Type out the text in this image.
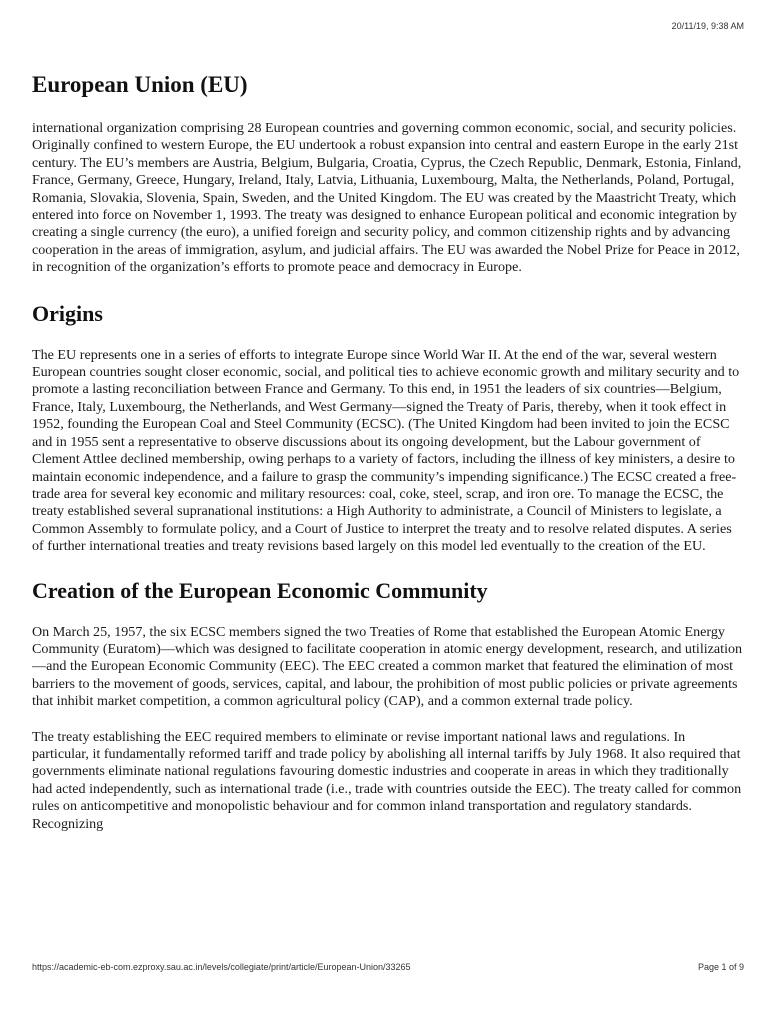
20/11/19, 9:38 AM
European Union (EU)

international organization comprising 28 European countries and governing common economic, social, and security policies. Originally confined to western Europe, the EU undertook a robust expansion into central and eastern Europe in the early 21st century. The EU’s members are Austria, Belgium, Bulgaria, Croatia, Cyprus, the Czech Republic, Denmark, Estonia, Finland, France, Germany, Greece, Hungary, Ireland, Italy, Latvia, Lithuania, Luxembourg, Malta, the Netherlands, Poland, Portugal, Romania, Slovakia, Slovenia, Spain, Sweden, and the United Kingdom. The EU was created by the Maastricht Treaty, which entered into force on November 1, 1993. The treaty was designed to enhance European political and economic integration by creating a single currency (the euro), a unified foreign and security policy, and common citizenship rights and by advancing cooperation in the areas of immigration, asylum, and judicial affairs. The EU was awarded the Nobel Prize for Peace in 2012, in recognition of the organization’s efforts to promote peace and democracy in Europe.

Origins

The EU represents one in a series of efforts to integrate Europe since World War II. At the end of the war, several western European countries sought closer economic, social, and political ties to achieve economic growth and military security and to promote a lasting reconciliation between France and Germany. To this end, in 1951 the leaders of six countries—Belgium, France, Italy, Luxembourg, the Netherlands, and West Germany—signed the Treaty of Paris, thereby, when it took effect in 1952, founding the European Coal and Steel Community (ECSC). (The United Kingdom had been invited to join the ECSC and in 1955 sent a representative to observe discussions about its ongoing development, but the Labour government of Clement Attlee declined membership, owing perhaps to a variety of factors, including the illness of key ministers, a desire to maintain economic independence, and a failure to grasp the community’s impending significance.) The ECSC created a free-trade area for several key economic and military resources: coal, coke, steel, scrap, and iron ore. To manage the ECSC, the treaty established several supranational institutions: a High Authority to administrate, a Council of Ministers to legislate, a Common Assembly to formulate policy, and a Court of Justice to interpret the treaty and to resolve related disputes. A series of further international treaties and treaty revisions based largely on this model led eventually to the creation of the EU.

Creation of the European Economic Community

On March 25, 1957, the six ECSC members signed the two Treaties of Rome that established the European Atomic Energy Community (Euratom)—which was designed to facilitate cooperation in atomic energy development, research, and utilization—and the European Economic Community (EEC). The EEC created a common market that featured the elimination of most barriers to the movement of goods, services, capital, and labour, the prohibition of most public policies or private agreements that inhibit market competition, a common agricultural policy (CAP), and a common external trade policy.

The treaty establishing the EEC required members to eliminate or revise important national laws and regulations. In particular, it fundamentally reformed tariff and trade policy by abolishing all internal tariffs by July 1968. It also required that governments eliminate national regulations favouring domestic industries and cooperate in areas in which they traditionally had acted independently, such as international trade (i.e., trade with countries outside the EEC). The treaty called for common rules on anticompetitive and monopolistic behaviour and for common inland transportation and regulatory standards. Recognizing

https://academic-eb-com.ezproxy.sau.ac.in/levels/collegiate/print/article/European-Union/33265	Page 1 of 9
